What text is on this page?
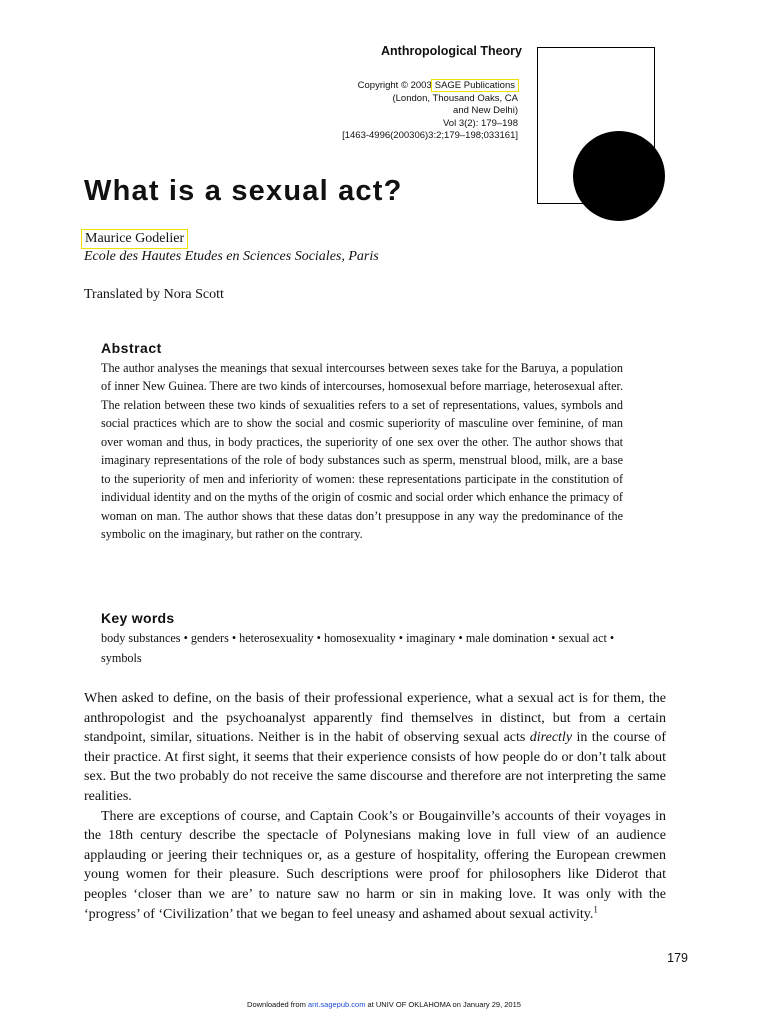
Anthropological Theory
Copyright © 2003 SAGE Publications
(London, Thousand Oaks, CA
and New Delhi)
Vol 3(2): 179–198
[1463-4996(200306)3:2;179–198;033161]
What is a sexual act?
Maurice Godelier
Ecole des Hautes Etudes en Sciences Sociales, Paris
Translated by Nora Scott
Abstract
The author analyses the meanings that sexual intercourses between sexes take for the Baruya, a population of inner New Guinea. There are two kinds of intercourses, homosexual before marriage, heterosexual after. The relation between these two kinds of sexualities refers to a set of representations, values, symbols and social practices which are to show the social and cosmic superiority of masculine over feminine, of man over woman and thus, in body practices, the superiority of one sex over the other. The author shows that imaginary representations of the role of body substances such as sperm, menstrual blood, milk, are a base to the superiority of men and inferiority of women: these representations participate in the constitution of individual identity and on the myths of the origin of cosmic and social order which enhance the primacy of woman on man. The author shows that these datas don’t presuppose in any way the predominance of the symbolic on the imaginary, but rather on the contrary.
Key words
body substances • genders • heterosexuality • homosexuality • imaginary • male domination • sexual act • symbols

When asked to define, on the basis of their professional experience, what a sexual act is for them, the anthropologist and the psychoanalyst apparently find themselves in distinct, but from a certain standpoint, similar, situations. Neither is in the habit of observing sexual acts directly in the course of their practice. At first sight, it seems that their experience consists of how people do or don’t talk about sex. But the two probably do not receive the same discourse and therefore are not interpreting the same realities.

There are exceptions of course, and Captain Cook’s or Bougainville’s accounts of their voyages in the 18th century describe the spectacle of Polynesians making love in full view of an audience applauding or jeering their techniques or, as a gesture of hospitality, offering the European crewmen young women for their pleasure. Such descriptions were proof for philosophers like Diderot that peoples ‘closer than we are’ to nature saw no harm or sin in making love. It was only with the ‘progress’ of ‘Civilization’ that we began to feel uneasy and ashamed about sexual activity.$^1$

179
Downloaded from ant.sagepub.com at UNIV OF OKLAHOMA on January 29, 2015
